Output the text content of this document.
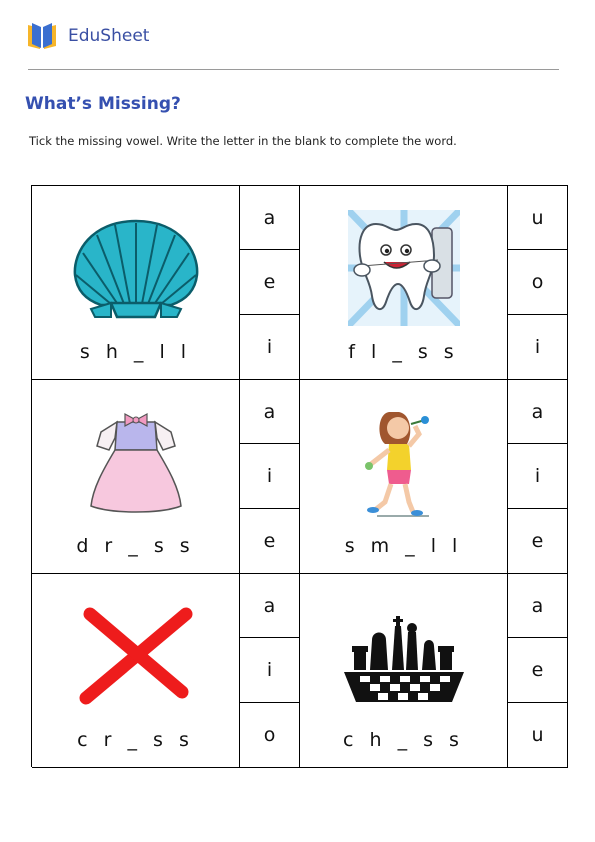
EduSheet
What’s Missing?
Tick the missing vowel. Write the letter in the blank to complete the word.
s h _ l l
a
e
i	f l _ s s
u
o
i
d r _ s s
a
i
e	s m _ l l
a
i
e
c r _ s s
a
i
o	c h _ s s
a
e
u
